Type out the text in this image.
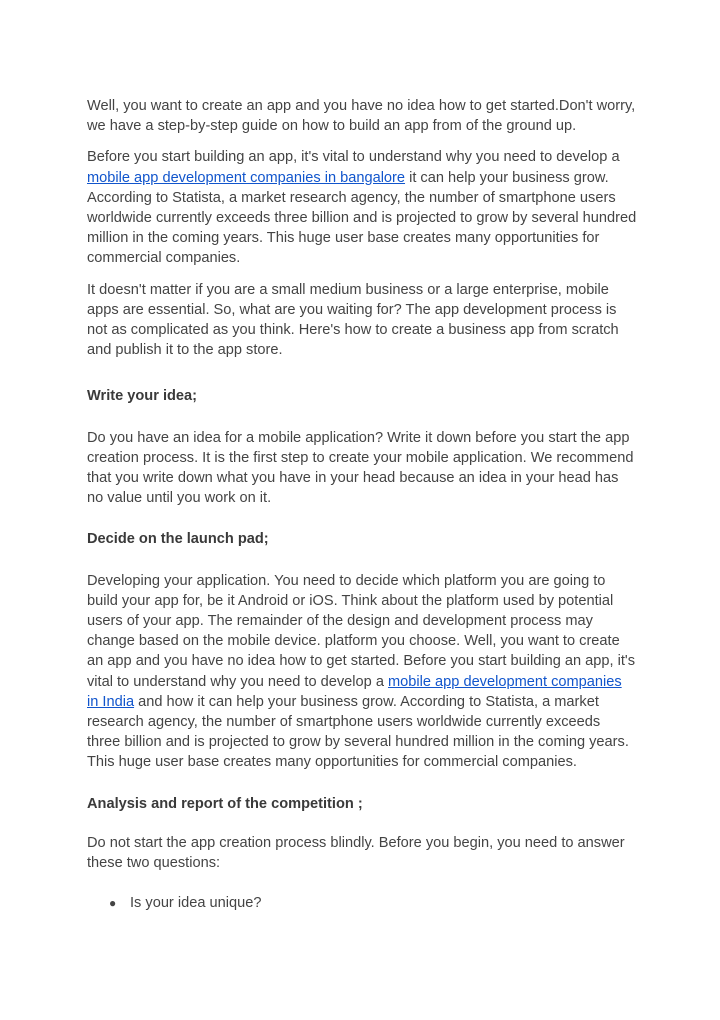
Well, you want to create an app and you have no idea how to get started.Don't worry, we have a step-by-step guide on how to build an app from of the ground up.

Before you start building an app, it's vital to understand why you need to develop a mobile app development companies in bangalore it can help your business grow. According to Statista, a market research agency, the number of smartphone users worldwide currently exceeds three billion and is projected to grow by several hundred million in the coming years. This huge user base creates many opportunities for commercial companies.

It doesn't matter if you are a small medium business or a large enterprise, mobile apps are essential. So, what are you waiting for? The app development process is not as complicated as you think. Here's how to create a business app from scratch and publish it to the app store.

Write your idea;

Do you have an idea for a mobile application? Write it down before you start the app creation process. It is the first step to create your mobile application. We recommend that you write down what you have in your head because an idea in your head has no value until you work on it.

Decide on the launch pad;

Developing your application. You need to decide which platform you are going to build your app for, be it Android or iOS. Think about the platform used by potential users of your app. The remainder of the design and development process may change based on the mobile device. platform you choose. Well, you want to create an app and you have no idea how to get started. Before you start building an app, it's vital to understand why you need to develop a mobile app development companies in India and how it can help your business grow. According to Statista, a market research agency, the number of smartphone users worldwide currently exceeds three billion and is projected to grow by several hundred million in the coming years. This huge user base creates many opportunities for commercial companies.

Analysis and report of the competition ;

Do not start the app creation process blindly. Before you begin, you need to answer these two questions:

● Is your idea unique?
